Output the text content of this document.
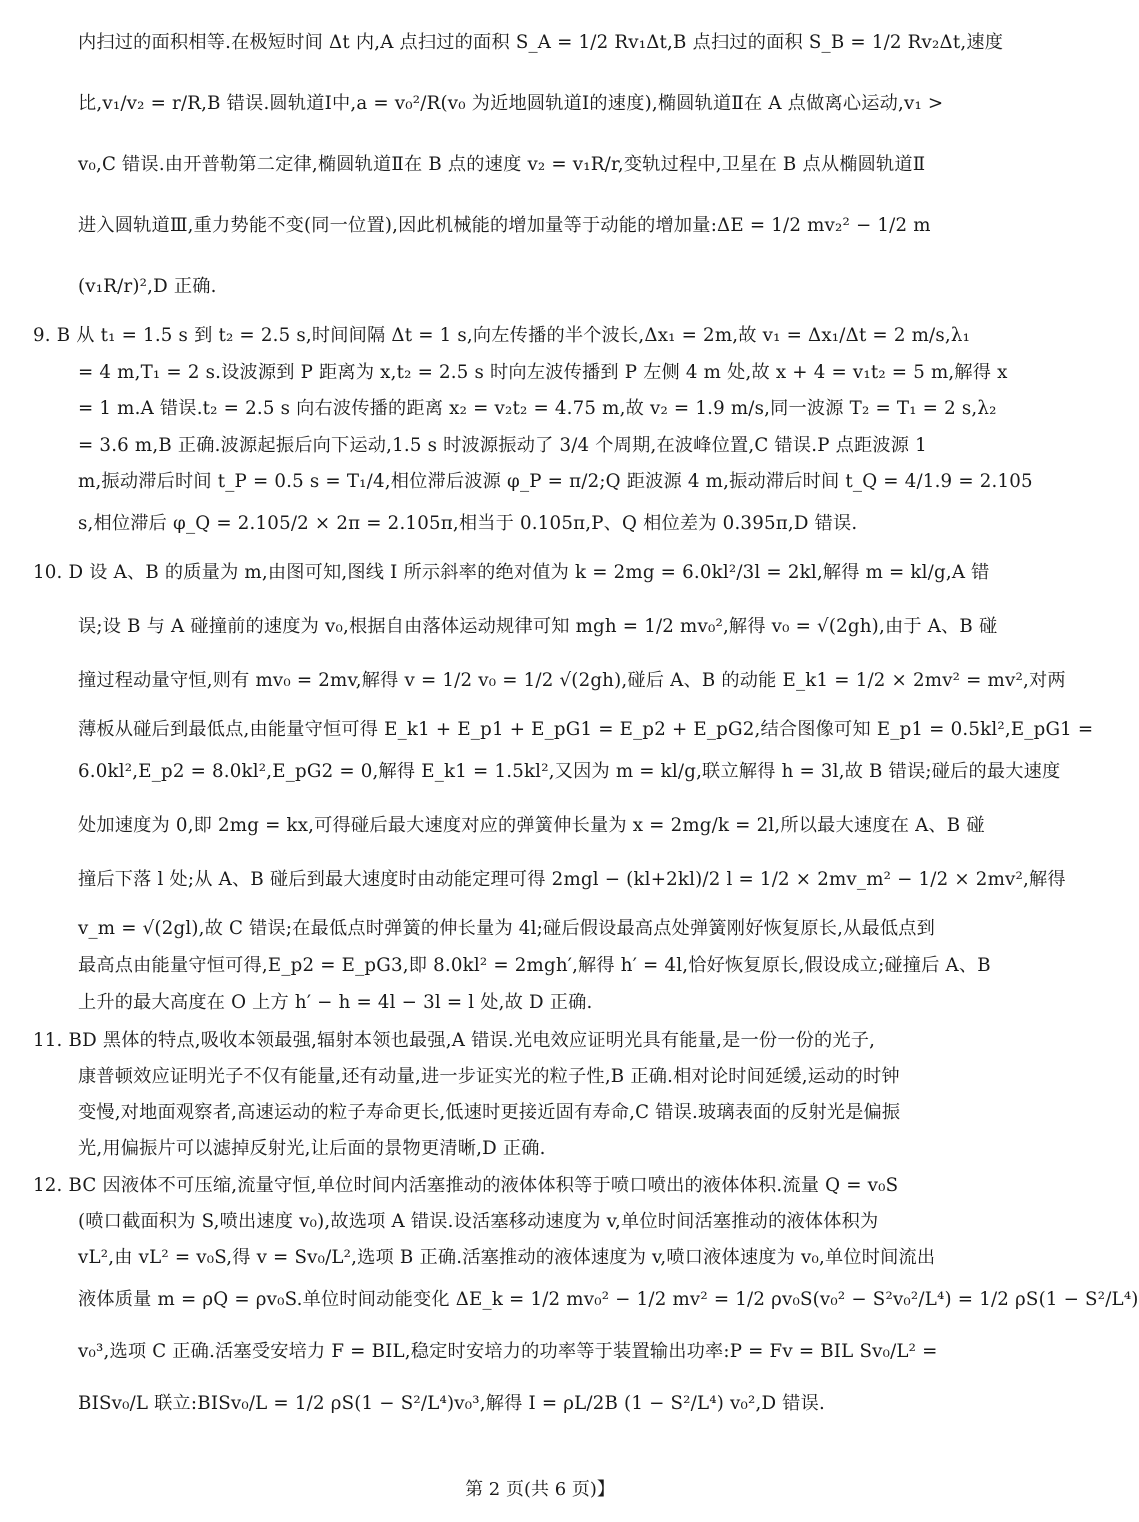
内扫过的面积相等.在极短时间 Δt 内,A 点扫过的面积 S_A = 1/2 Rv₁Δt,B 点扫过的面积 S_B = 1/2 Rv₂Δt,速度
比,v₁/v₂ = r/R,B 错误.圆轨道Ⅰ中,a = v₀²/R(v₀ 为近地圆轨道Ⅰ的速度),椭圆轨道Ⅱ在 A 点做离心运动,v₁ >
v₀,C 错误.由开普勒第二定律,椭圆轨道Ⅱ在 B 点的速度 v₂ = v₁R/r,变轨过程中,卫星在 B 点从椭圆轨道Ⅱ
进入圆轨道Ⅲ,重力势能不变(同一位置),因此机械能的增加量等于动能的增加量:ΔE = 1/2 mv₂² − 1/2 m
(v₁R/r)²,D 正确.
9. B 从 t₁ = 1.5 s 到 t₂ = 2.5 s,时间间隔 Δt = 1 s,向左传播的半个波长,Δx₁ = 2m,故 v₁ = Δx₁/Δt = 2 m/s,λ₁
= 4 m,T₁ = 2 s.设波源到 P 距离为 x,t₂ = 2.5 s 时向左波传播到 P 左侧 4 m 处,故 x + 4 = v₁t₂ = 5 m,解得 x
= 1 m.A 错误.t₂ = 2.5 s 向右波传播的距离 x₂ = v₂t₂ = 4.75 m,故 v₂ = 1.9 m/s,同一波源 T₂ = T₁ = 2 s,λ₂
= 3.6 m,B 正确.波源起振后向下运动,1.5 s 时波源振动了 3/4 个周期,在波峰位置,C 错误.P 点距波源 1
m,振动滞后时间 t_P = 0.5 s = T₁/4,相位滞后波源 φ_P = π/2;Q 距波源 4 m,振动滞后时间 t_Q = 4/1.9 = 2.105
s,相位滞后 φ_Q = 2.105/2 × 2π = 2.105π,相当于 0.105π,P、Q 相位差为 0.395π,D 错误.
10. D 设 A、B 的质量为 m,由图可知,图线 I 所示斜率的绝对值为 k = 2mg = 6.0kl²/3l = 2kl,解得 m = kl/g,A 错
误;设 B 与 A 碰撞前的速度为 v₀,根据自由落体运动规律可知 mgh = 1/2 mv₀²,解得 v₀ = √(2gh),由于 A、B 碰
撞过程动量守恒,则有 mv₀ = 2mv,解得 v = 1/2 v₀ = 1/2 √(2gh),碰后 A、B 的动能 E_k1 = 1/2 × 2mv² = mv²,对两
薄板从碰后到最低点,由能量守恒可得 E_k1 + E_p1 + E_pG1 = E_p2 + E_pG2,结合图像可知 E_p1 = 0.5kl²,E_pG1 =
6.0kl²,E_p2 = 8.0kl²,E_pG2 = 0,解得 E_k1 = 1.5kl²,又因为 m = kl/g,联立解得 h = 3l,故 B 错误;碰后的最大速度
处加速度为 0,即 2mg = kx,可得碰后最大速度对应的弹簧伸长量为 x = 2mg/k = 2l,所以最大速度在 A、B 碰
撞后下落 l 处;从 A、B 碰后到最大速度时由动能定理可得 2mgl − (kl+2kl)/2 l = 1/2 × 2mv_m² − 1/2 × 2mv²,解得
v_m = √(2gl),故 C 错误;在最低点时弹簧的伸长量为 4l;碰后假设最高点处弹簧刚好恢复原长,从最低点到
最高点由能量守恒可得,E_p2 = E_pG3,即 8.0kl² = 2mgh′,解得 h′ = 4l,恰好恢复原长,假设成立;碰撞后 A、B
上升的最大高度在 O 上方 h′ − h = 4l − 3l = l 处,故 D 正确.
11. BD 黑体的特点,吸收本领最强,辐射本领也最强,A 错误.光电效应证明光具有能量,是一份一份的光子,
康普顿效应证明光子不仅有能量,还有动量,进一步证实光的粒子性,B 正确.相对论时间延缓,运动的时钟
变慢,对地面观察者,高速运动的粒子寿命更长,低速时更接近固有寿命,C 错误.玻璃表面的反射光是偏振
光,用偏振片可以滤掉反射光,让后面的景物更清晰,D 正确.
12. BC 因液体不可压缩,流量守恒,单位时间内活塞推动的液体体积等于喷口喷出的液体体积.流量 Q = v₀S
(喷口截面积为 S,喷出速度 v₀),故选项 A 错误.设活塞移动速度为 v,单位时间活塞推动的液体体积为
vL²,由 vL² = v₀S,得 v = Sv₀/L²,选项 B 正确.活塞推动的液体速度为 v,喷口液体速度为 v₀,单位时间流出
液体质量 m = ρQ = ρv₀S.单位时间动能变化 ΔE_k = 1/2 mv₀² − 1/2 mv² = 1/2 ρv₀S(v₀² − S²v₀²/L⁴) = 1/2 ρS(1 − S²/L⁴)
v₀³,选项 C 正确.活塞受安培力 F = BIL,稳定时安培力的功率等于装置输出功率:P = Fv = BIL Sv₀/L² =
BISv₀/L 联立:BISv₀/L = 1/2 ρS(1 − S²/L⁴)v₀³,解得 I = ρL/2B (1 − S²/L⁴) v₀²,D 错误.
第 2 页(共 6 页)】
